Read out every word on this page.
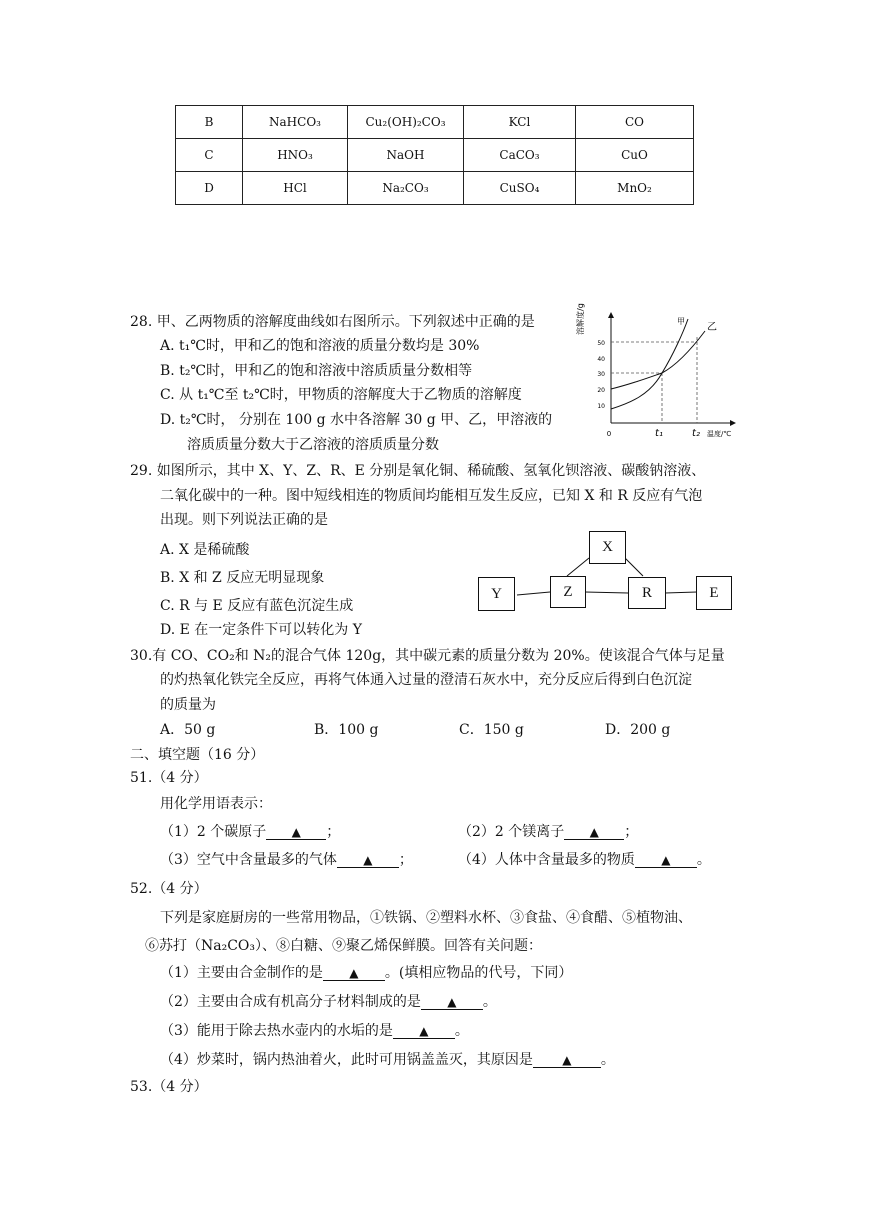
B	NaHCO₃	Cu₂(OH)₂CO₃	KCl	CO
C	HNO₃	NaOH	CaCO₃	CuO
D	HCl	Na₂CO₃	CuSO₄	MnO₂
28. 甲、乙两物质的溶解度曲线如右图所示。下列叙述中正确的是
A. t₁℃时，甲和乙的饱和溶液的质量分数均是 30%
B. t₂℃时，甲和乙的饱和溶液中溶质质量分数相等
C. 从 t₁℃至 t₂℃时，甲物质的溶解度大于乙物质的溶解度
D. t₂℃时， 分别在 100 g 水中各溶解 30 g 甲、乙，甲溶液的
溶质质量分数大于乙溶液的溶质质量分数
溶解度/g
50
40
30
20
10
甲
乙
0	t₁	t₂ 温度/℃
29. 如图所示，其中 X、Y、Z、R、E 分别是氧化铜、稀硫酸、氢氧化钡溶液、碳酸钠溶液、
二氧化碳中的一种。图中短线相连的物质间均能相互发生反应，已知 X 和 R 反应有气泡
出现。则下列说法正确的是
A. X 是稀硫酸
B. X 和 Z 反应无明显现象
C. R 与 E 反应有蓝色沉淀生成
D. E 在一定条件下可以转化为 Y
X
Y	Z	R	E
30.有 CO、CO₂和 N₂的混合气体 120g，其中碳元素的质量分数为 20%。使该混合气体与足量
的灼热氧化铁完全反应，再将气体通入过量的澄清石灰水中，充分反应后得到白色沉淀
的质量为
A．50 g	B．100 g	C．150 g	D．200 g
二、填空题（16 分）
51.（4 分）
用化学用语表示：
（1）2 个碳原子 ▲ ；	（2）2 个镁离子 ▲ ；
（3）空气中含量最多的气体 ▲ ；	（4）人体中含量最多的物质 ▲ 。
52.（4 分）
下列是家庭厨房的一些常用物品，①铁锅、②塑料水杯、③食盐、④食醋、⑤植物油、
⑥苏打（Na₂CO₃）、⑧白糖、⑨聚乙烯保鲜膜。回答有关问题：
（1）主要由合金制作的是 ▲ 。(填相应物品的代号，下同）
（2）主要由合成有机高分子材料制成的是 ▲ 。
（3）能用于除去热水壶内的水垢的是 ▲ 。
（4）炒菜时，锅内热油着火，此时可用锅盖盖灭，其原因是 ▲ 。
53.（4 分）
